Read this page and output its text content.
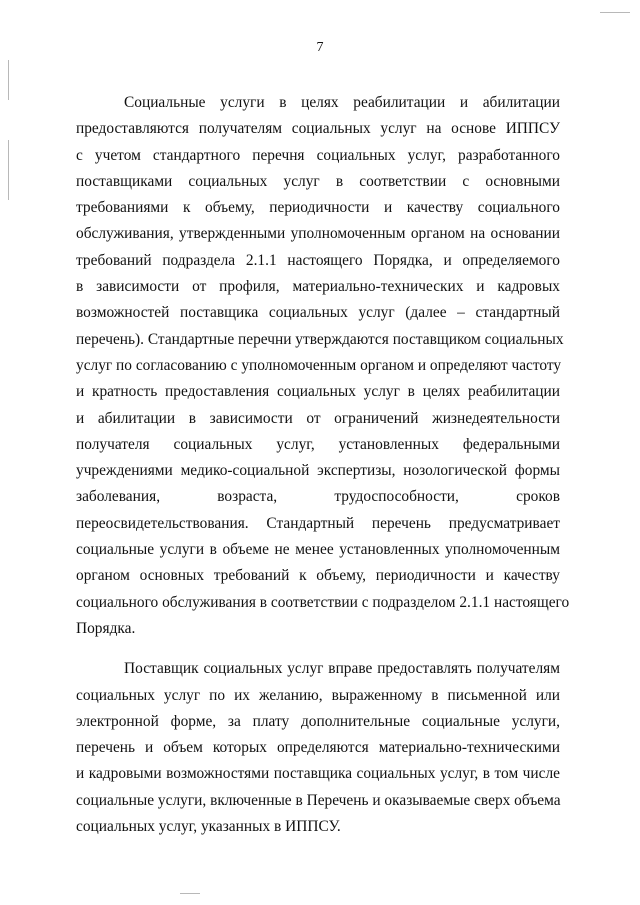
7
Социальные услуги в целях реабилитации и абилитации
предоставляются получателям социальных услуг на основе ИППСУ
с учетом стандартного перечня социальных услуг, разработанного
поставщиками социальных услуг в соответствии с основными
требованиями к объему, периодичности и качеству социального
обслуживания, утвержденными уполномоченным органом на основании
требований подраздела 2.1.1 настоящего Порядка, и определяемого
в зависимости от профиля, материально-технических и кадровых
возможностей поставщика социальных услуг (далее – стандартный
перечень). Стандартные перечни утверждаются поставщиком социальных
услуг по согласованию с уполномоченным органом и определяют частоту
и кратность предоставления социальных услуг в целях реабилитации
и абилитации в зависимости от ограничений жизнедеятельности
получателя социальных услуг, установленных федеральными
учреждениями медико-социальной экспертизы, нозологической формы
заболевания, возраста, трудоспособности, сроков
переосвидетельствования. Стандартный перечень предусматривает
социальные услуги в объеме не менее установленных уполномоченным
органом основных требований к объему, периодичности и качеству
социального обслуживания в соответствии с подразделом 2.1.1 настоящего
Порядка.
Поставщик социальных услуг вправе предоставлять получателям
социальных услуг по их желанию, выраженному в письменной или
электронной форме, за плату дополнительные социальные услуги,
перечень и объем которых определяются материально-техническими
и кадровыми возможностями поставщика социальных услуг, в том числе
социальные услуги, включенные в Перечень и оказываемые сверх объема
социальных услуг, указанных в ИППСУ.
